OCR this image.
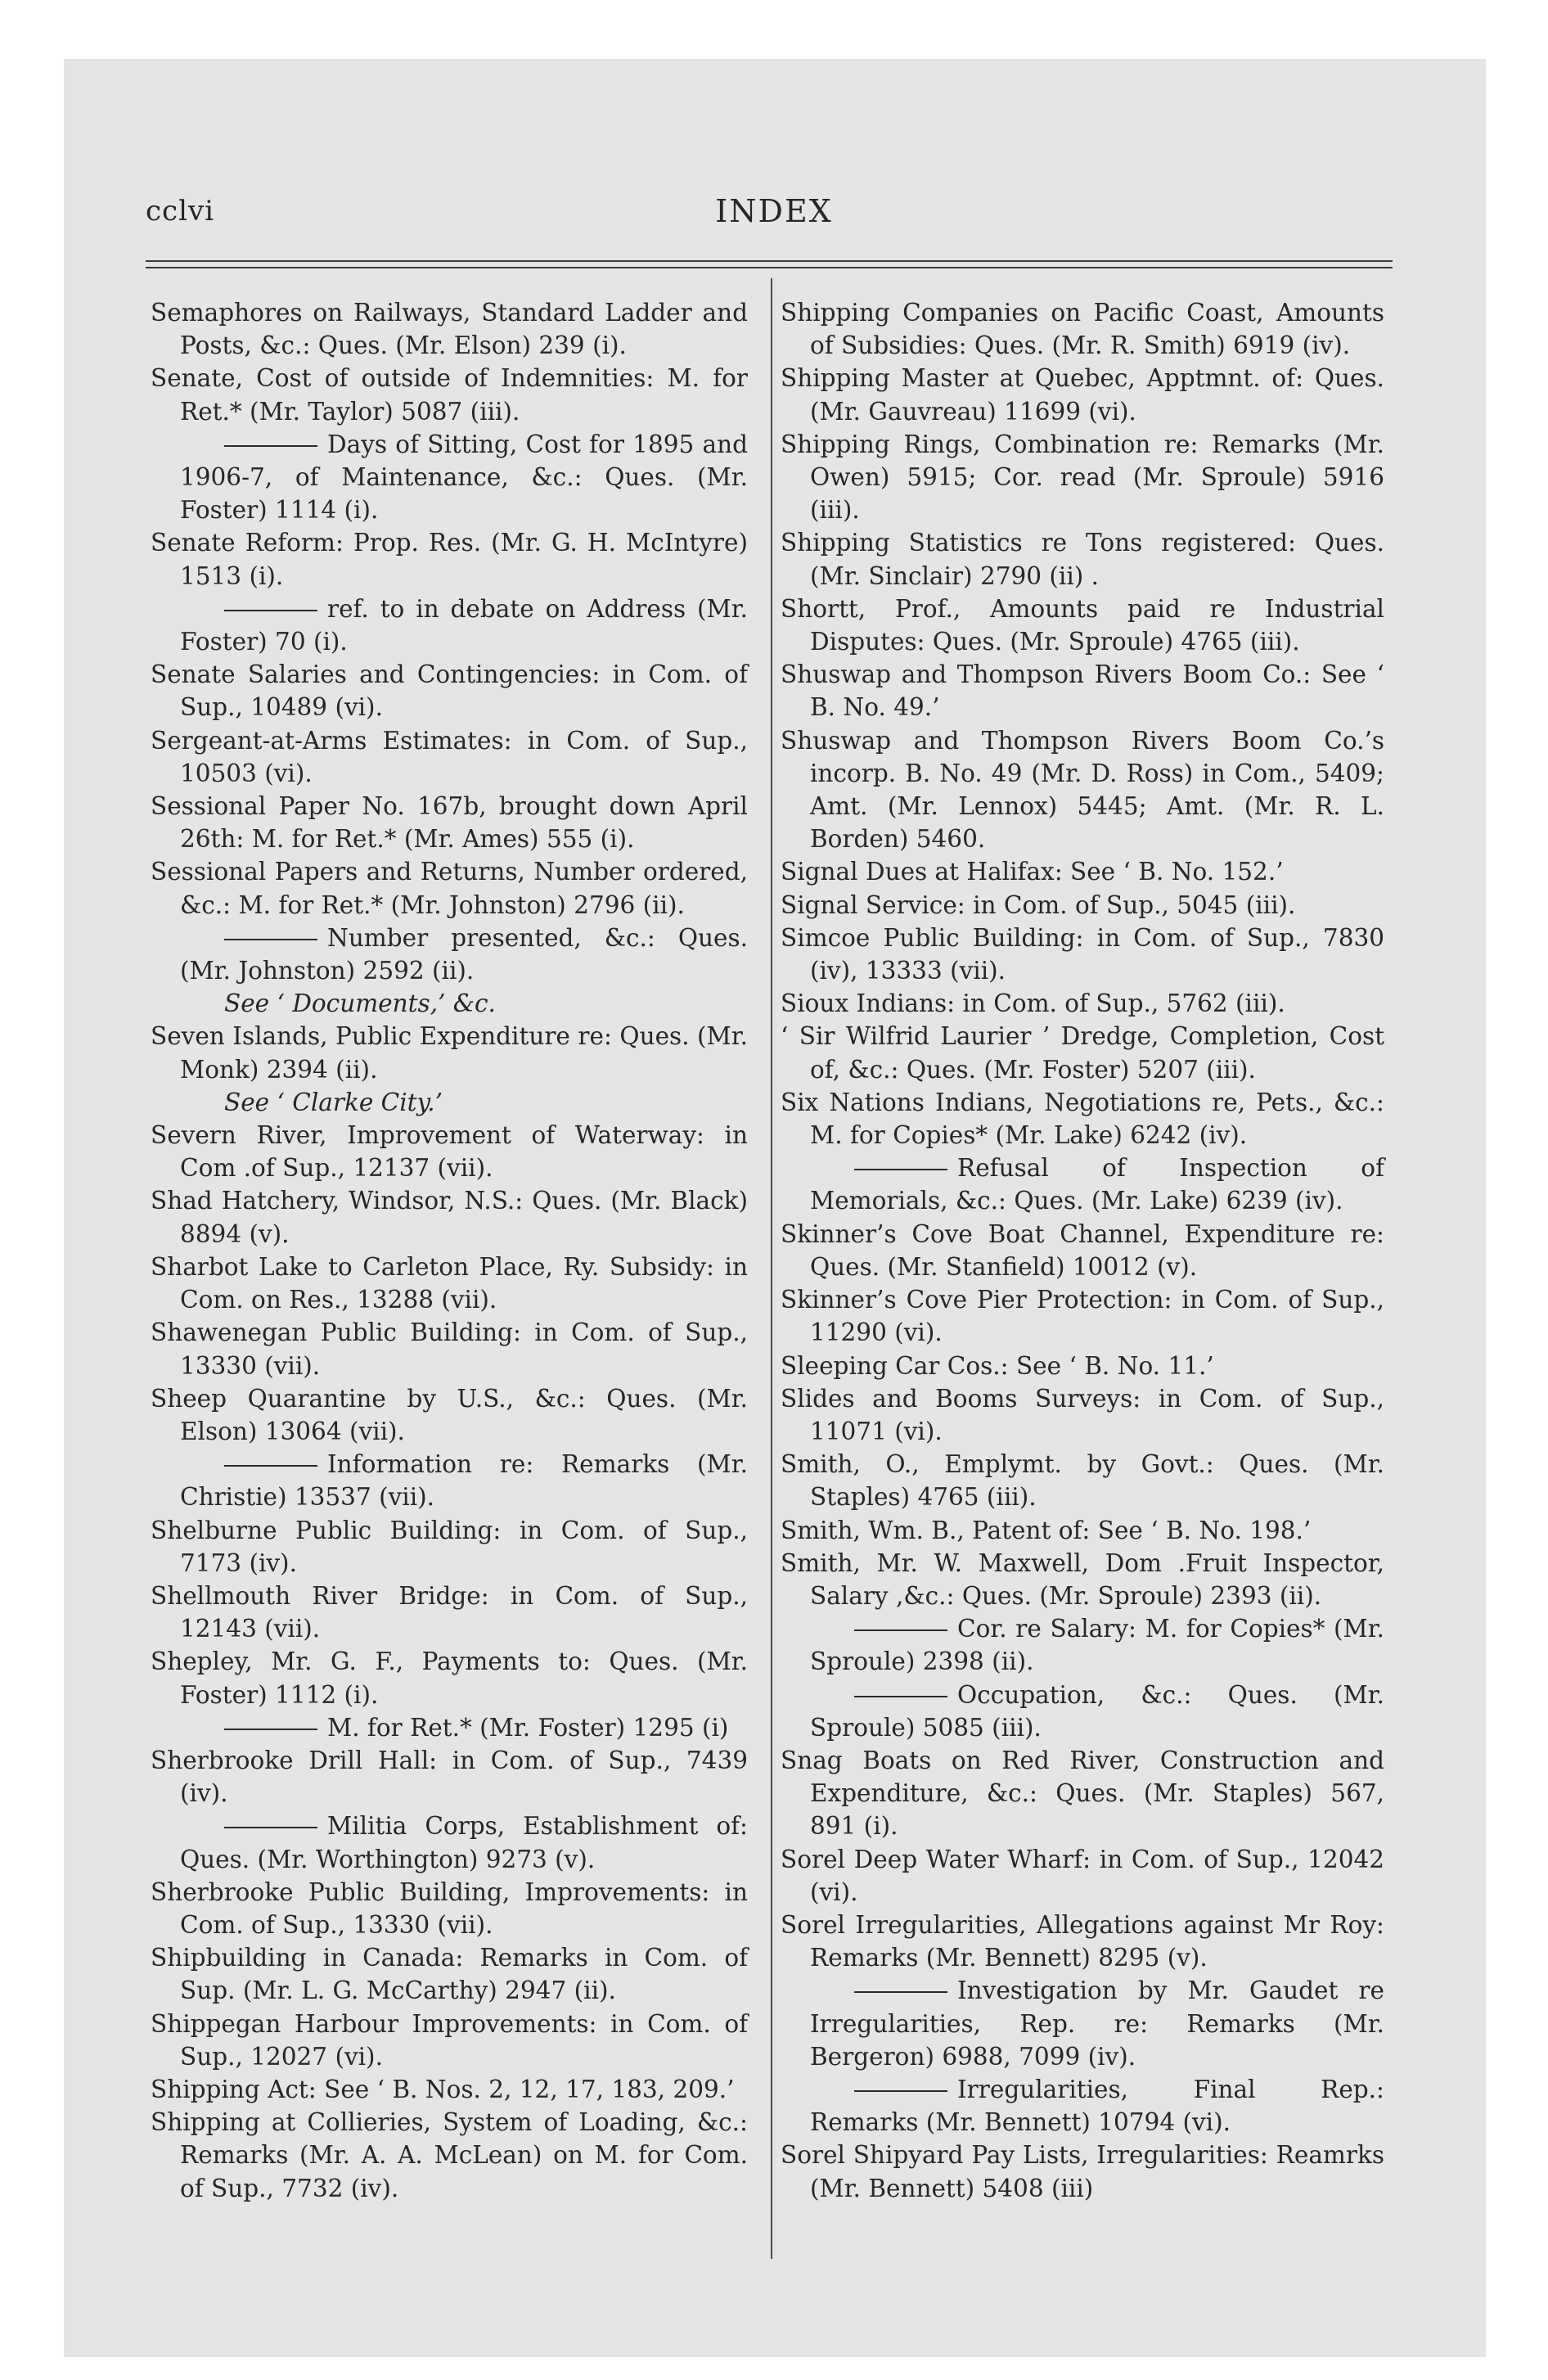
cclvi	INDEX
Semaphores on Railways, Standard Ladder and Posts, &c.: Ques. (Mr. Elson) 239 (i).
Senate, Cost of outside of Indemnities: M. for Ret.* (Mr. Taylor) 5087 (iii).
Days of Sitting, Cost for 1895 and 1906-7, of Maintenance, &c.: Ques. (Mr. Foster) 1114 (i).
Senate Reform: Prop. Res. (Mr. G. H. McIntyre) 1513 (i).
ref. to in debate on Address (Mr. Foster) 70 (i).
Senate Salaries and Contingencies: in Com. of Sup., 10489 (vi).
Sergeant-at-Arms Estimates: in Com. of Sup., 10503 (vi).
Sessional Paper No. 167b, brought down April 26th: M. for Ret.* (Mr. Ames) 555 (i).
Sessional Papers and Returns, Number ordered, &c.: M. for Ret.* (Mr. Johnston) 2796 (ii).
Number presented, &c.: Ques. (Mr. Johnston) 2592 (ii).
See ‘ Documents,’ &c.
Seven Islands, Public Expenditure re: Ques. (Mr. Monk) 2394 (ii).
See ‘ Clarke City.’
Severn River, Improvement of Waterway: in Com .of Sup., 12137 (vii).
Shad Hatchery, Windsor, N.S.: Ques. (Mr. Black) 8894 (v).
Sharbot Lake to Carleton Place, Ry. Subsidy: in Com. on Res., 13288 (vii).
Shawenegan Public Building: in Com. of Sup., 13330 (vii).
Sheep Quarantine by U.S., &c.: Ques. (Mr. Elson) 13064 (vii).
Information re: Remarks (Mr. Christie) 13537 (vii).
Shelburne Public Building: in Com. of Sup., 7173 (iv).
Shellmouth River Bridge: in Com. of Sup., 12143 (vii).
Shepley, Mr. G. F., Payments to: Ques. (Mr. Foster) 1112 (i).
M. for Ret.* (Mr. Foster) 1295 (i)
Sherbrooke Drill Hall: in Com. of Sup., 7439 (iv).
Militia Corps, Establishment of: Ques. (Mr. Worthington) 9273 (v).
Sherbrooke Public Building, Improvements: in Com. of Sup., 13330 (vii).
Shipbuilding in Canada: Remarks in Com. of Sup. (Mr. L. G. McCarthy) 2947 (ii).
Shippegan Harbour Improvements: in Com. of Sup., 12027 (vi).
Shipping Act: See ‘ B. Nos. 2, 12, 17, 183, 209.’
Shipping at Collieries, System of Loading, &c.: Remarks (Mr. A. A. McLean) on M. for Com. of Sup., 7732 (iv).
Shipping Companies on Pacific Coast, Amounts of Subsidies: Ques. (Mr. R. Smith) 6919 (iv).
Shipping Master at Quebec, Apptmnt. of: Ques. (Mr. Gauvreau) 11699 (vi).
Shipping Rings, Combination re: Remarks (Mr. Owen) 5915; Cor. read (Mr. Sproule) 5916 (iii).
Shipping Statistics re Tons registered: Ques. (Mr. Sinclair) 2790 (ii) .
Shortt, Prof., Amounts paid re Industrial Disputes: Ques. (Mr. Sproule) 4765 (iii).
Shuswap and Thompson Rivers Boom Co.: See ‘ B. No. 49.’
Shuswap and Thompson Rivers Boom Co.’s incorp. B. No. 49 (Mr. D. Ross) in Com., 5409; Amt. (Mr. Lennox) 5445; Amt. (Mr. R. L. Borden) 5460.
Signal Dues at Halifax: See ‘ B. No. 152.’
Signal Service: in Com. of Sup., 5045 (iii).
Simcoe Public Building: in Com. of Sup., 7830 (iv), 13333 (vii).
Sioux Indians: in Com. of Sup., 5762 (iii).
‘ Sir Wilfrid Laurier ’ Dredge, Completion, Cost of, &c.: Ques. (Mr. Foster) 5207 (iii).
Six Nations Indians, Negotiations re, Pets., &c.: M. for Copies* (Mr. Lake) 6242 (iv).
Refusal of Inspection of Memorials, &c.: Ques. (Mr. Lake) 6239 (iv).
Skinner’s Cove Boat Channel, Expenditure re: Ques. (Mr. Stanfield) 10012 (v).
Skinner’s Cove Pier Protection: in Com. of Sup., 11290 (vi).
Sleeping Car Cos.: See ‘ B. No. 11.’
Slides and Booms Surveys: in Com. of Sup., 11071 (vi).
Smith, O., Emplymt. by Govt.: Ques. (Mr. Staples) 4765 (iii).
Smith, Wm. B., Patent of: See ‘ B. No. 198.’
Smith, Mr. W. Maxwell, Dom .Fruit Inspector, Salary ,&c.: Ques. (Mr. Sproule) 2393 (ii).
Cor. re Salary: M. for Copies* (Mr. Sproule) 2398 (ii).
Occupation, &c.: Ques. (Mr. Sproule) 5085 (iii).
Snag Boats on Red River, Construction and Expenditure, &c.: Ques. (Mr. Staples) 567, 891 (i).
Sorel Deep Water Wharf: in Com. of Sup., 12042 (vi).
Sorel Irregularities, Allegations against Mr Roy: Remarks (Mr. Bennett) 8295 (v).
Investigation by Mr. Gaudet re Irregularities, Rep. re: Remarks (Mr. Bergeron) 6988, 7099 (iv).
Irregularities, Final Rep.: Remarks (Mr. Bennett) 10794 (vi).
Sorel Shipyard Pay Lists, Irregularities: Reamrks (Mr. Bennett) 5408 (iii)
